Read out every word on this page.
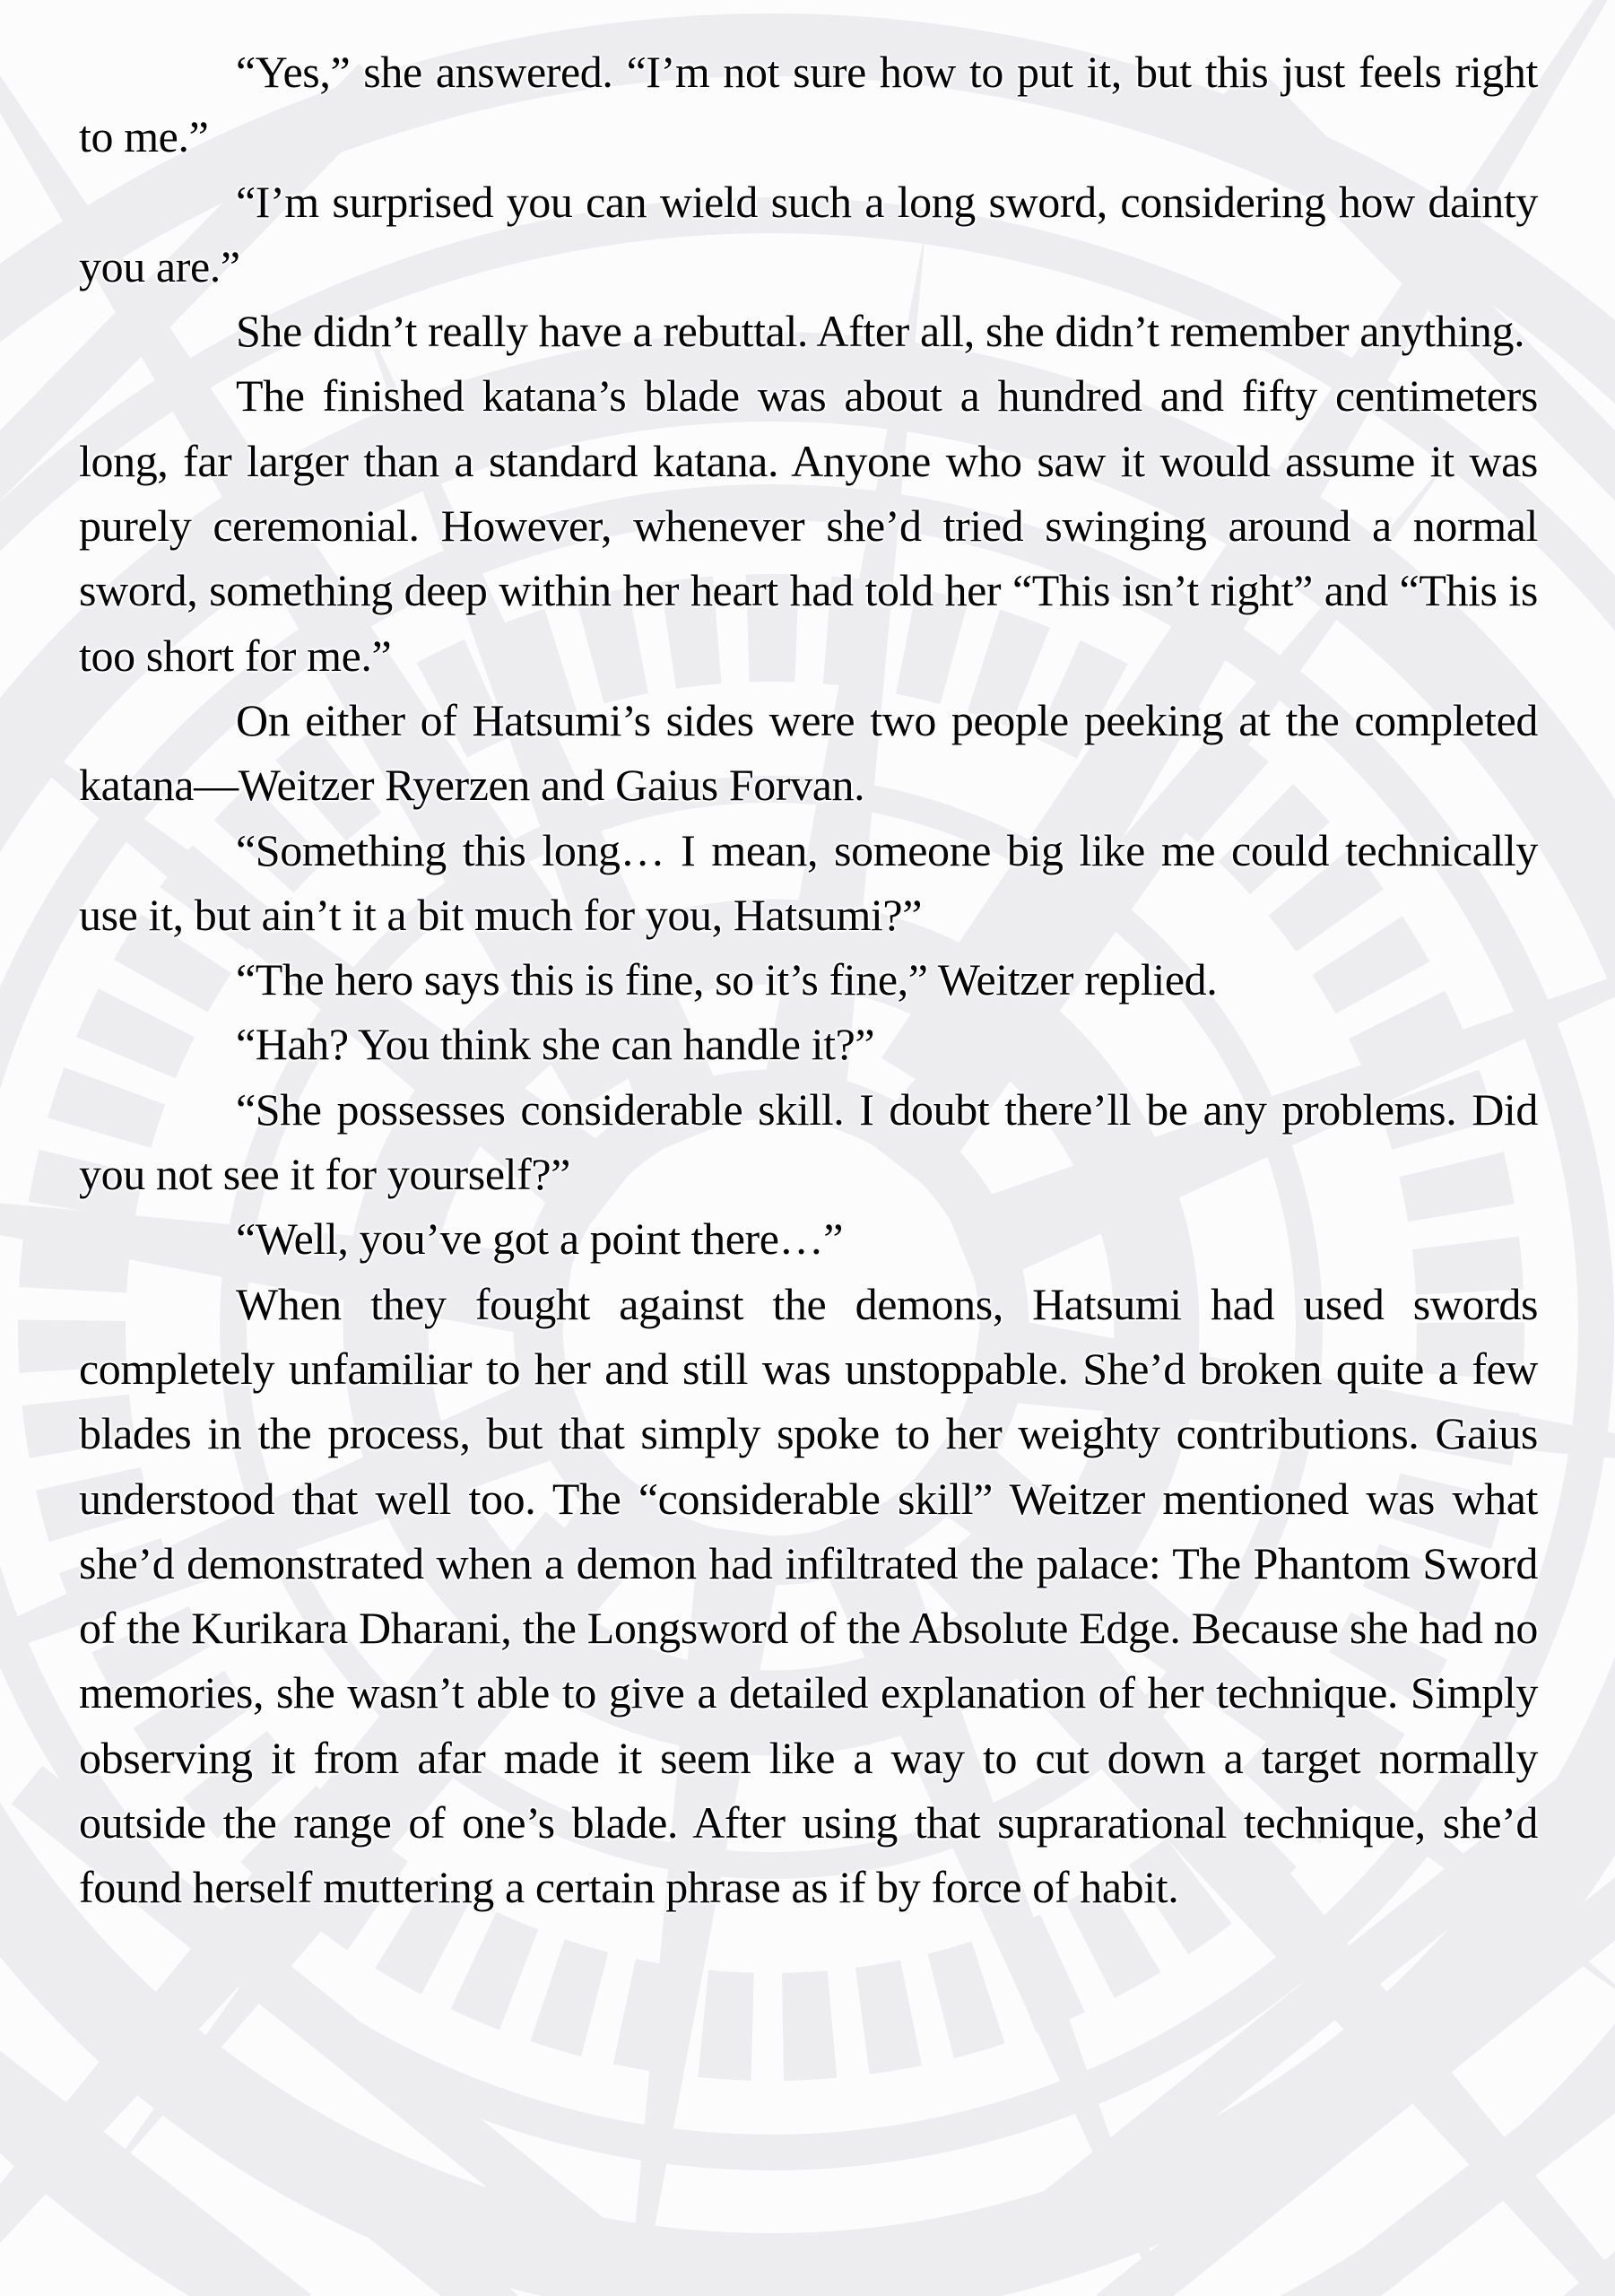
“Yes,” she answered. “I’m not sure how to put it, but this just feels right to me.”

“I’m surprised you can wield such a long sword, considering how dainty you are.”

She didn’t really have a rebuttal. After all, she didn’t remember anything.

The finished katana’s blade was about a hundred and fifty centimeters long, far larger than a standard katana. Anyone who saw it would assume it was purely ceremonial. However, whenever she’d tried swinging around a normal sword, something deep within her heart had told her “This isn’t right” and “This is too short for me.”

On either of Hatsumi’s sides were two people peeking at the completed katana—Weitzer Ryerzen and Gaius Forvan.

“Something this long… I mean, someone big like me could technically use it, but ain’t it a bit much for you, Hatsumi?”

“The hero says this is fine, so it’s fine,” Weitzer replied.

“Hah? You think she can handle it?”

“She possesses considerable skill. I doubt there’ll be any problems. Did you not see it for yourself?”

“Well, you’ve got a point there…”

When they fought against the demons, Hatsumi had used swords completely unfamiliar to her and still was unstoppable. She’d broken quite a few blades in the process, but that simply spoke to her weighty contributions. Gaius understood that well too. The “considerable skill” Weitzer mentioned was what she’d demonstrated when a demon had infiltrated the palace: The Phantom Sword of the Kurikara Dharani, the Longsword of the Absolute Edge. Because she had no memories, she wasn’t able to give a detailed explanation of her technique. Simply observing it from afar made it seem like a way to cut down a target normally outside the range of one’s blade. After using that suprarational technique, she’d found herself muttering a certain phrase as if by force of habit.
